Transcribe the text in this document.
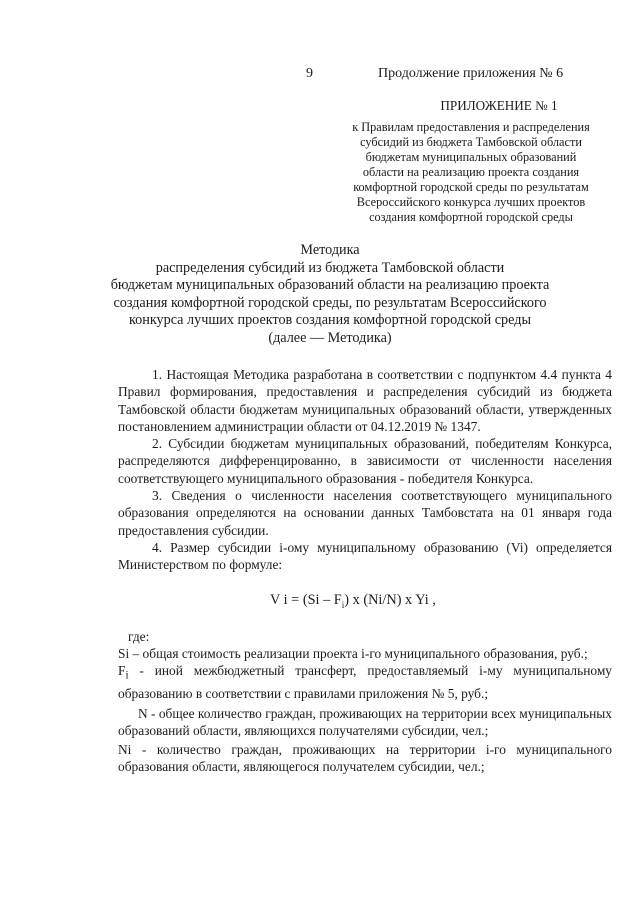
9	Продолжение приложения № 6
ПРИЛОЖЕНИЕ № 1
к Правилам предоставления и распределения
субсидий из бюджета Тамбовской области
бюджетам муниципальных образований
области на реализацию проекта создания
комфортной городской среды по результатам
Всероссийского конкурса лучших проектов
создания комфортной городской среды
Методика
распределения субсидий из бюджета Тамбовской области
бюджетам муниципальных образований области на реализацию проекта
создания комфортной городской среды, по результатам Всероссийского
конкурса лучших проектов создания комфортной городской среды
(далее — Методика)

1. Настоящая Методика разработана в соответствии с подпунктом 4.4 пункта 4 Правил формирования, предоставления и распределения субсидий из бюджета Тамбовской области бюджетам муниципальных образований области, утвержденных постановлением администрации области от 04.12.2019 № 1347.

2. Субсидии бюджетам муниципальных образований, победителям Конкурса, распределяются дифференцированно, в зависимости от численности населения соответствующего муниципального образования - победителя Конкурса.

3. Сведения о численности населения соответствующего муниципального образования определяются на основании данных Тамбовстата на 01 января года предоставления субсидии.

4. Размер субсидии i-ому муниципальному образованию (Vi) определяется Министерством по формуле:

V $i = (Si - F_i)$ x (Ni/N) x Yi ,

где:

Si – общая стоимость реализации проекта i-го муниципального образования, руб.;

$F_i$ - иной межбюджетный трансферт, предоставляемый i-му муниципальному образованию в соответствии с правилами приложения № 5, руб.;

N - общее количество граждан, проживающих на территории всех муниципальных образований области, являющихся получателями субсидии, чел.;

Ni - количество граждан, проживающих на территории i-го муниципального образования области, являющегося получателем субсидии, чел.;
